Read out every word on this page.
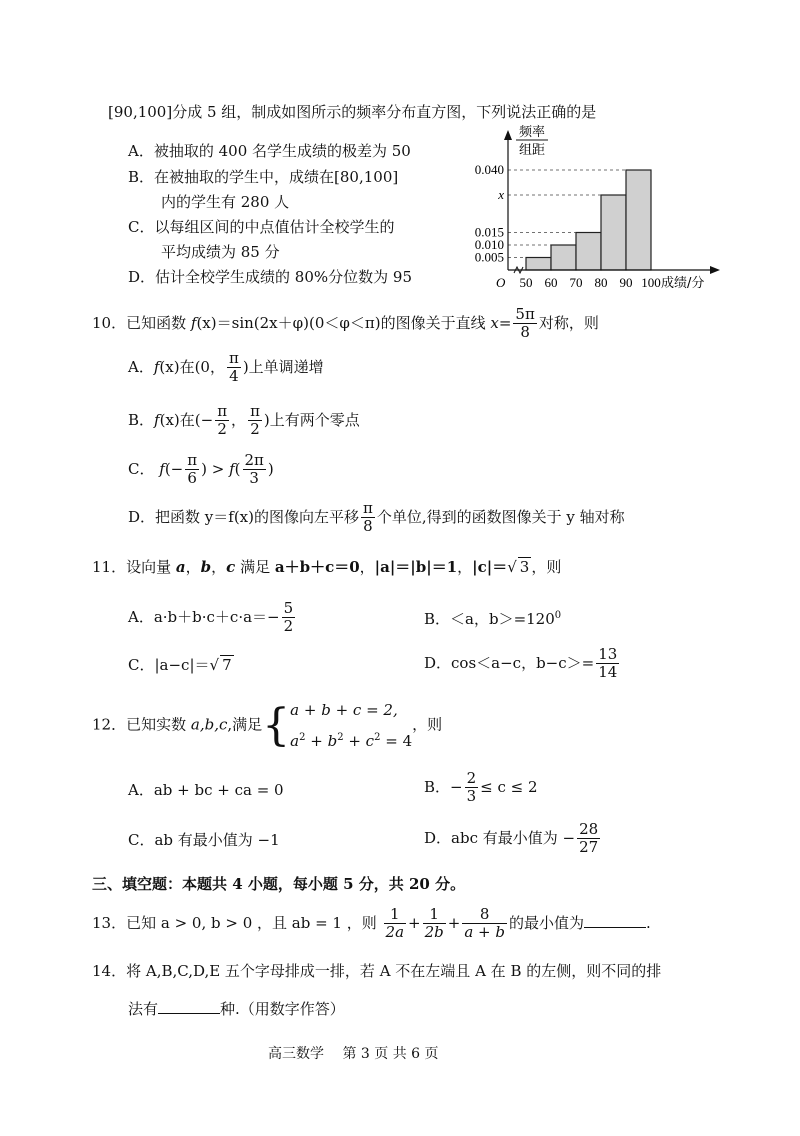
[90,100]分成 5 组，制成如图所示的频率分布直方图，下列说法正确的是
A．被抽取的 400 名学生成绩的极差为 50
B．在被抽取的学生中，成绩在[80,100]
内的学生有 280 人
C．以每组区间的中点值估计全校学生的
平均成绩为 85 分
D．估计全校学生成绩的 80%分位数为 95
0.040
x
0.015
0.010
0.005
50 60 70 80 90 100
O	成绩/分
频率
组距
10．已知函数 f(x)＝sin(2x＋φ)(0＜φ＜π)的图像关于直线 $x= \frac{5\pi}{8}$ 对称，则
A．f(x)在(0， $\frac{\pi}{4}$ )上单调递增
B．f(x)在(− $\frac{\pi}{2}$ ， $\frac{\pi}{2}$ )上有两个零点
C． $f(- \frac{\pi}{6}$ ) > $f( \frac{2\pi}{3}$ )
D．把函数 y＝f(x)的图像向左平移 $\frac{\pi}{8}$ 个单位,得到的函数图像关于 y 轴对称
11．设向量 a，b，c 满足 a＋b＋c＝0，|a|＝|b|＝1，|c|＝√ 3 ，则
A．$a\cdot b+b\cdot c+c\cdot a=- \frac{5}{2}$	B．＜a，$b>=120^0$
C．|a−c|＝√ 7	D．cos＜a−c，$b-c>= \frac{13}{14}$
12．已知实数 a,b,c,满足{ a + b + c = 2,
$a^2 + b^2 + c^2 = 4$
，则
A．ab + bc + ca = 0	B．− $\frac{2}{3} \le c \le 2$
C．ab 有最小值为 −1	D．abc 有最小值为 − $\frac{28}{27}$
三、填空题：本题共 4 小题，每小题 5 分，共 20 分。
13．已知 a > 0, b > 0 ，且 ab = 1 ，则 $\frac{1}{2a} + \frac{1}{2b} + \frac{8}{a + b}$ 的最小值为	.
14．将 A,B,C,D,E 五个字母排成一排，若 A 不在左端且 A 在 B 的左侧，则不同的排
法有	种.（用数字作答）
高三数学　 第 3 页 共 6 页
